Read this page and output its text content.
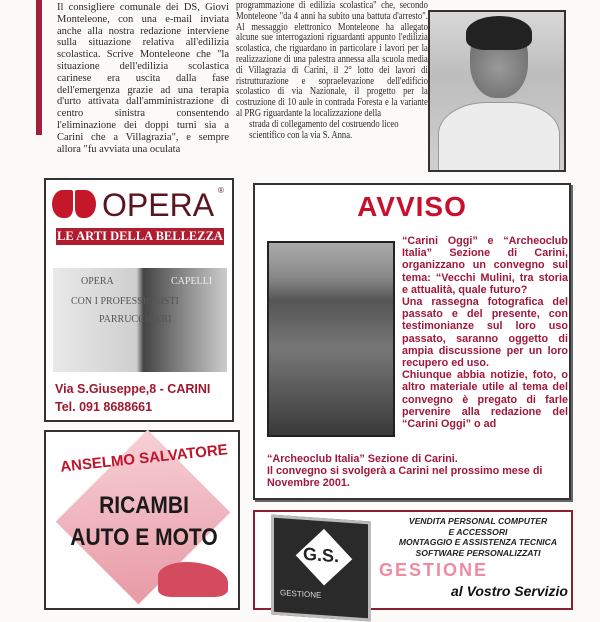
Il consigliere comunale dei DS, Giovi Monteleone, con una e-mail inviata anche alla nostra redazione interviene sulla situazione relativa all'edilizia scolastica. Scrive Monteleone che "la situazione dell'edilizia scolastica carinese era uscita dalla fase dell'emergenza grazie ad una terapia d'urto attivata dall'amministrazione di centro sinistra consentendo l'eliminazione dei doppi turni sia a Carini che a Villagrazia", e sempre allora "fu avviata una oculata
programmazione di edilizia scolastica" che, secondo Monteleone "da 4 anni ha subito una battuta d'arresto". Al messaggio elettronico Monteleone ha allegato alcune sue interrogazioni riguardanti appunto l'edilizia scolastica, che riguardano in particolare i lavori per la realizzazione di una palestra annessa alla scuola media di Villagrazia di Carini, il 2° lotto dei lavori di ristrutturazione e sopraelevazione dell'edificio scolastico di via Nazionale, il progetto per la costruzione di 10 aule in contrada Foresta e la variante al PRG riguardante la localizzazione della
strada di collegamento del costruendo liceo scientifico con la via S. Anna.
OPERA ®
LE ARTI DELLA BELLEZZA
OPERA
CON I PROFESSIONISTI
PARRUCCHIERI
CAPELLI
Via S.Giuseppe,8 - CARINI
Tel. 091 8688661
ANSELMO SALVATORE
RICAMBI
AUTO E MOTO
AVVISO
“Carini Oggi” e “Archeoclub Italia” Sezione di Carini, organizzano un convegno sul tema: “Vecchi Mulini, tra storia e attualità, quale futuro?
Una rassegna fotografica del passato e del presente, con testimonianze sul loro uso passato, saranno oggetto di ampia discussione per un loro recupero ed uso.
Chiunque abbia notizie, foto, o altro materiale utile al tema del convegno è pregato di farle pervenire alla redazione del “Carini Oggi” o ad
“Archeoclub Italia” Sezione di Carini.
Il convegno si svolgerà a Carini nel prossimo mese di Novembre 2001.
G.S.
GESTIONE
VENDITA PERSONAL COMPUTER
E ACCESSORI
MONTAGGIO E ASSISTENZA TECNICA
SOFTWARE PERSONALIZZATI
GESTIONE
al Vostro Servizio
